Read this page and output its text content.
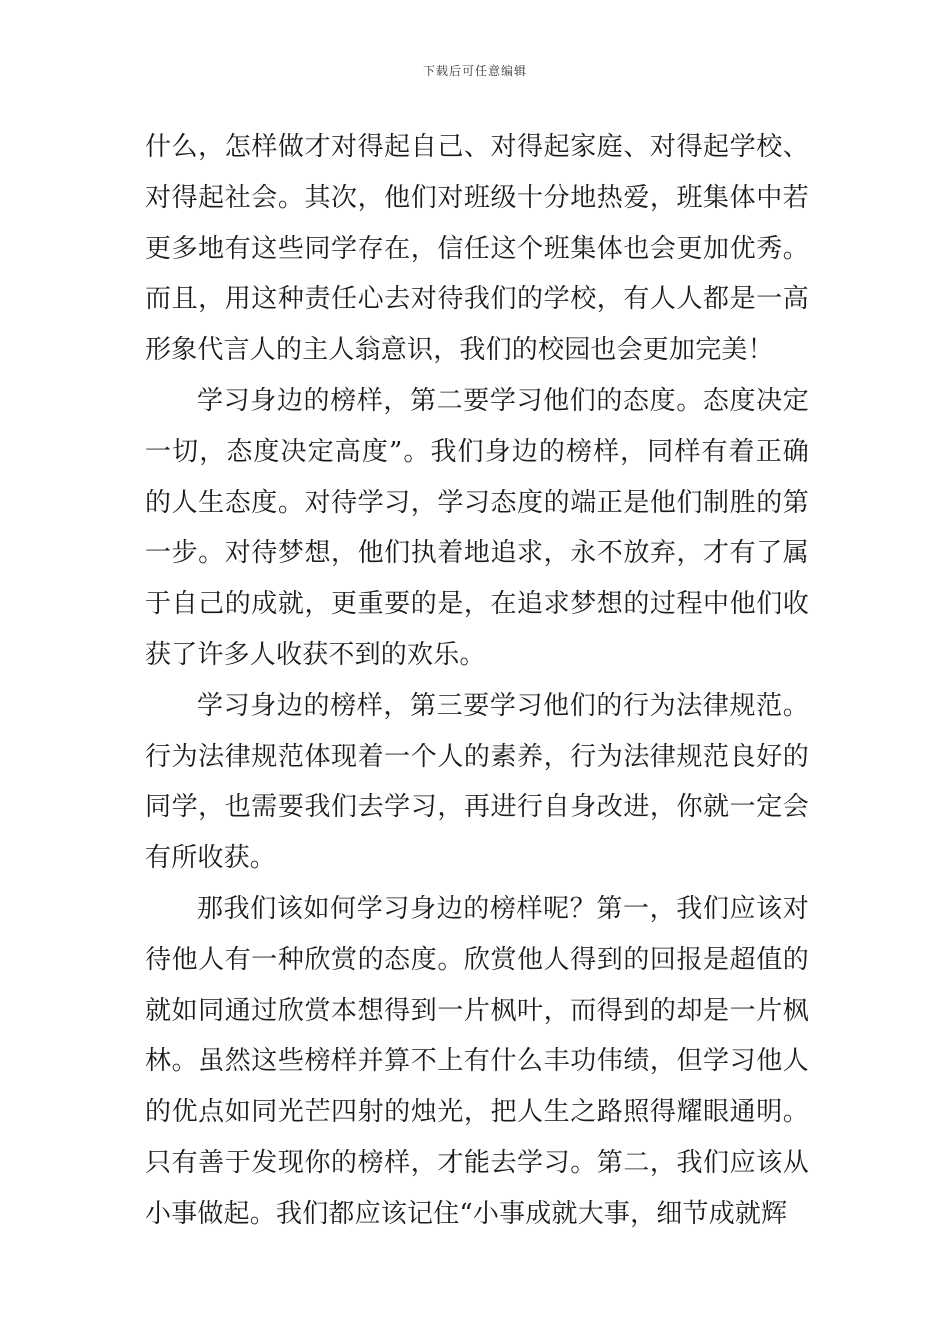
下载后可任意编辑

什么，怎样做才对得起自己、对得起家庭、对得起学校、对得起社会。其次，他们对班级十分地热爱，班集体中若更多地有这些同学存在，信任这个班集体也会更加优秀。而且，用这种责任心去对待我们的学校，有人人都是一高形象代言人的主人翁意识，我们的校园也会更加完美！

学习身边的榜样，第二要学习他们的态度。态度决定一切，态度决定高度”。我们身边的榜样，同样有着正确的人生态度。对待学习，学习态度的端正是他们制胜的第一步。对待梦想，他们执着地追求，永不放弃，才有了属于自己的成就，更重要的是，在追求梦想的过程中他们收获了许多人收获不到的欢乐。

学习身边的榜样，第三要学习他们的行为法律规范。行为法律规范体现着一个人的素养，行为法律规范良好的同学，也需要我们去学习，再进行自身改进，你就一定会有所收获。

那我们该如何学习身边的榜样呢？第一，我们应该对待他人有一种欣赏的态度。欣赏他人得到的回报是超值的就如同通过欣赏本想得到一片枫叶，而得到的却是一片枫林。虽然这些榜样并算不上有什么丰功伟绩，但学习他人的优点如同光芒四射的烛光，把人生之路照得耀眼通明。只有善于发现你的榜样，才能去学习。第二，我们应该从小事做起。我们都应该记住“小事成就大事，细节成就辉
